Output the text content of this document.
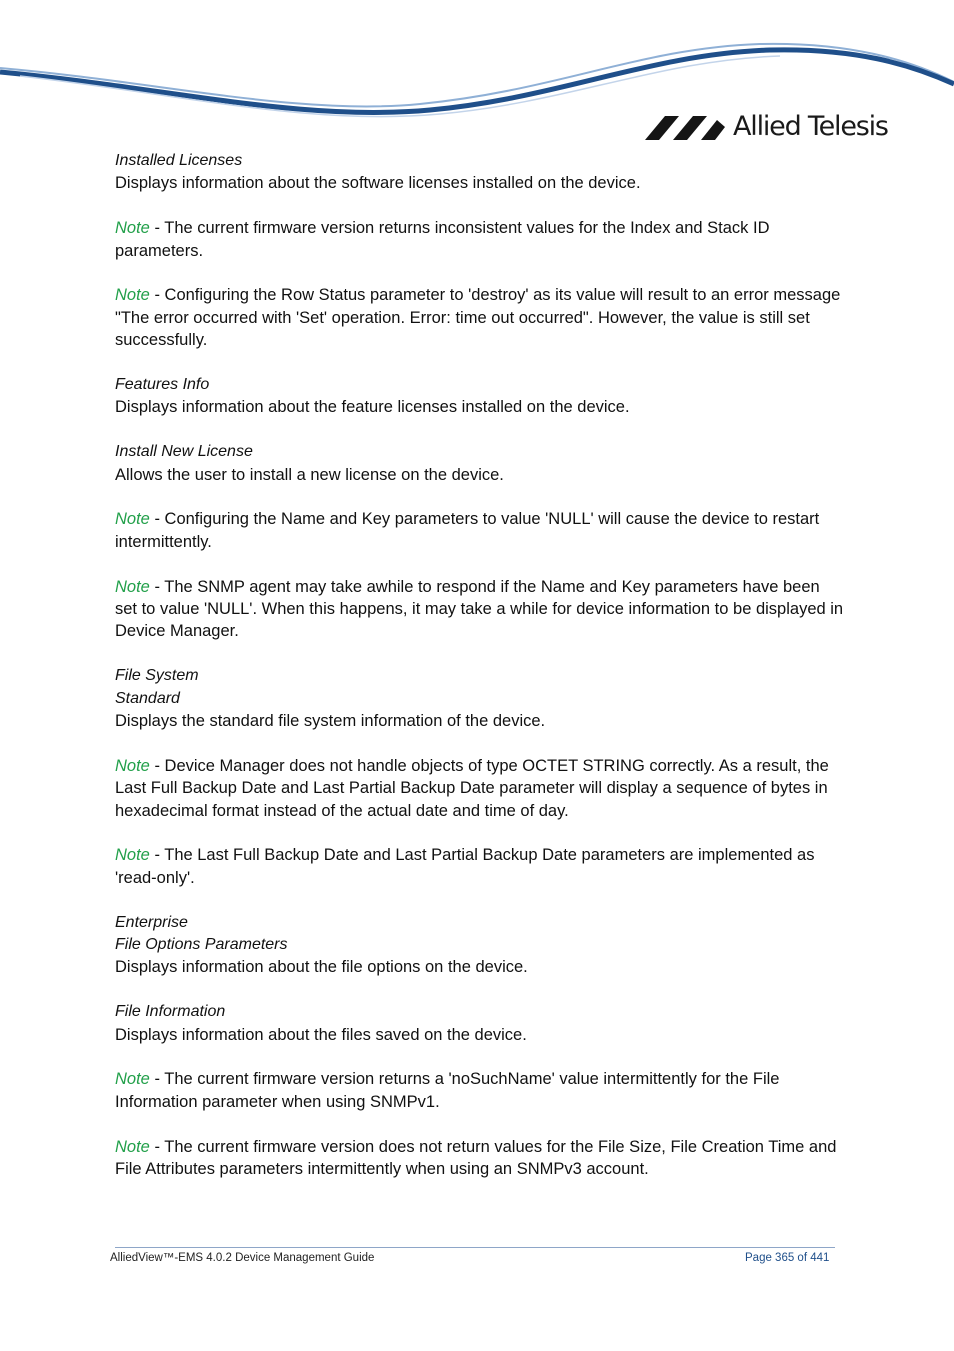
Allied Telesis

Installed Licenses

Displays information about the software licenses installed on the device.

Note - The current firmware version returns inconsistent values for the Index and Stack ID parameters.

Note - Configuring the Row Status parameter to 'destroy' as its value will result to an error message "The error occurred with 'Set' operation. Error: time out occurred". However, the value is still set successfully.

Features Info

Displays information about the feature licenses installed on the device.

Install New License

Allows the user to install a new license on the device.

Note - Configuring the Name and Key parameters to value 'NULL' will cause the device to restart intermittently.

Note - The SNMP agent may take awhile to respond if the Name and Key parameters have been set to value 'NULL'. When this happens, it may take a while for device information to be displayed in Device Manager.

File System

Standard

Displays the standard file system information of the device.

Note - Device Manager does not handle objects of type OCTET STRING correctly. As a result, the Last Full Backup Date and Last Partial Backup Date parameter will display a sequence of bytes in hexadecimal format instead of the actual date and time of day.

Note - The Last Full Backup Date and Last Partial Backup Date parameters are implemented as 'read-only'.

Enterprise

File Options Parameters

Displays information about the file options on the device.

File Information

Displays information about the files saved on the device.

Note - The current firmware version returns a 'noSuchName' value intermittently for the File Information parameter when using SNMPv1.

Note - The current firmware version does not return values for the File Size, File Creation Time and File Attributes parameters intermittently when using an SNMPv3 account.

AlliedView™-EMS 4.0.2 Device Management Guide	Page 365 of 441
